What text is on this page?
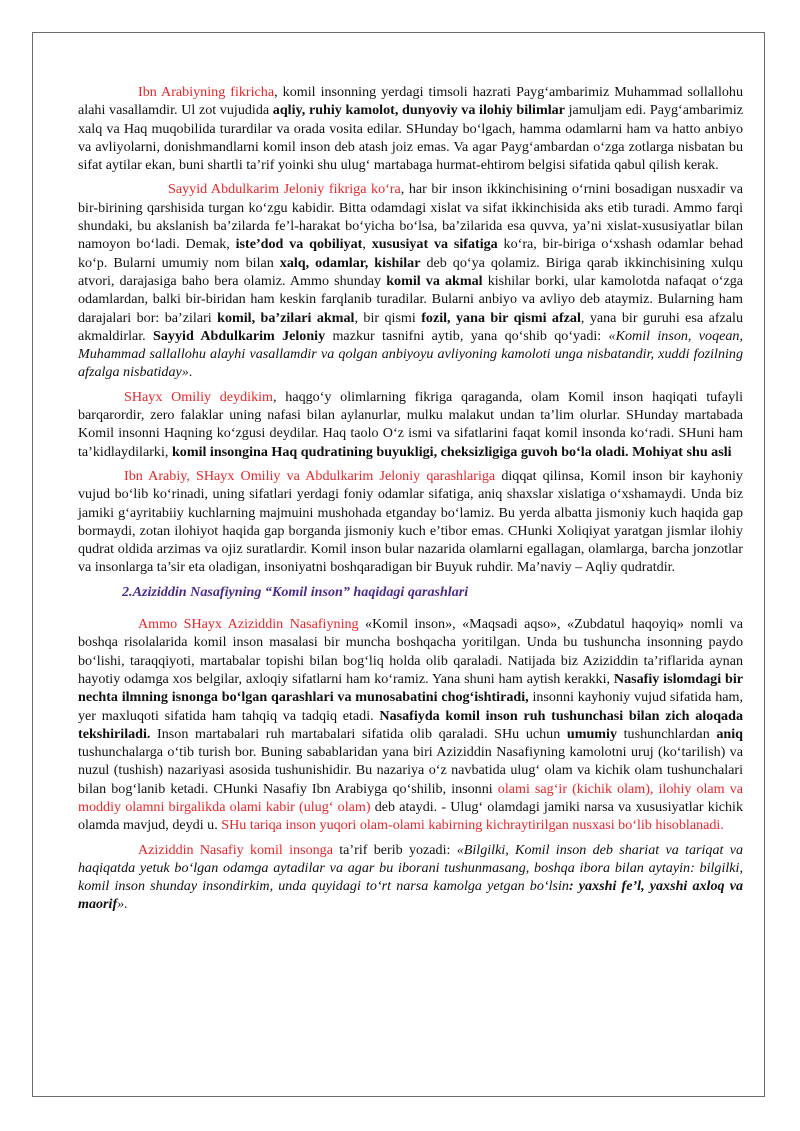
Ibn Arabiyning fikricha, komil insonning yerdagi timsoli hazrati Payg‘ambarimiz Muhammad sollallohu alahi vasallamdir. Ul zot vujudida aqliy, ruhiy kamolot, dunyoviy va ilohiy bilimlar jamuljam edi. Payg‘ambarimiz xalq va Haq muqobilida turardilar va orada vosita edilar. SHunday bo‘lgach, hamma odamlarni ham va hatto anbiyo va avliyolarni, donishmandlarni komil inson deb atash joiz emas. Va agar Payg‘ambardan o‘zga zotlarga nisbatan bu sifat aytilar ekan, buni shartli ta’rif yoinki shu ulug‘ martabaga hurmat-ehtirom belgisi sifatida qabul qilish kerak.

Sayyid Abdulkarim Jeloniy fikriga ko‘ra, har bir inson ikkinchisining o‘rnini bosadigan nusxadir va bir-birining qarshisida turgan ko‘zgu kabidir. Bitta odamdagi xislat va sifat ikkinchisida aks etib turadi. Ammo farqi shundaki, bu akslanish ba’zilarda fe’l-harakat bo‘yicha bo‘lsa, ba’zilarida esa quvva, ya’ni xislat-xususiyatlar bilan namoyon bo‘ladi. Demak, iste’dod va qobiliyat, xususiyat va sifatiga ko‘ra, bir-biriga o‘xshash odamlar behad ko‘p. Bularni umumiy nom bilan xalq, odamlar, kishilar deb qo‘ya qolamiz. Biriga qarab ikkinchisining xulqu atvori, darajasiga baho bera olamiz. Ammo shunday komil va akmal kishilar borki, ular kamolotda nafaqat o‘zga odamlardan, balki bir-biridan ham keskin farqlanib turadilar. Bularni anbiyo va avliyo deb ataymiz. Bularning ham darajalari bor: ba’zilari komil, ba’zilari akmal, bir qismi fozil, yana bir qismi afzal, yana bir guruhi esa afzalu akmaldirlar. Sayyid Abdulkarim Jeloniy mazkur tasnifni aytib, yana qo‘shib qo‘yadi: «Komil inson, voqean, Muhammad sallallohu alayhi vasallamdir va qolgan anbiyoyu avliyoning kamoloti unga nisbatandir, xuddi fozilning afzalga nisbatiday».

SHayx Omiliy deydikim, haqgo‘y olimlarning fikriga qaraganda, olam Komil inson haqiqati tufayli barqarordir, zero falaklar uning nafasi bilan aylanurlar, mulku malakut undan ta’lim olurlar. SHunday martabada Komil insonni Haqning ko‘zgusi deydilar. Haq taolo O‘z ismi va sifatlarini faqat komil insonda ko‘radi. SHuni ham ta’kidlaydilarki, komil insongina Haq qudratining buyukligi, cheksizligiga guvoh bo‘la oladi. Mohiyat shu asli

Ibn Arabiy, SHayx Omiliy va Abdulkarim Jeloniy qarashlariga diqqat qilinsa, Komil inson bir kayhoniy vujud bo‘lib ko‘rinadi, uning sifatlari yerdagi foniy odamlar sifatiga, aniq shaxslar xislatiga o‘xshamaydi. Unda biz jamiki g‘ayritabiiy kuchlarning majmuini mushohada etganday bo‘lamiz. Bu yerda albatta jismoniy kuch haqida gap bormaydi, zotan ilohiyot haqida gap borganda jismoniy kuch e’tibor emas. CHunki Xoliqiyat yaratgan jismlar ilohiy qudrat oldida arzimas va ojiz suratlardir. Komil inson bular nazarida olamlarni egallagan, olamlarga, barcha jonzotlar va insonlarga ta’sir eta oladigan, insoniyatni boshqaradigan bir Buyuk ruhdir. Ma’naviy – Aqliy qudratdir.

2.Aziziddin Nasafiyning “Komil inson” haqidagi qarashlari

Ammo SHayx Aziziddin Nasafiyning «Komil inson», «Maqsadi aqso», «Zubdatul haqoyiq» nomli va boshqa risolalarida komil inson masalasi bir muncha boshqacha yoritilgan. Unda bu tushuncha insonning paydo bo‘lishi, taraqqiyoti, martabalar topishi bilan bog‘liq holda olib qaraladi. Natijada biz Aziziddin ta’riflarida aynan hayotiy odamga xos belgilar, axloqiy sifatlarni ham ko‘ramiz. Yana shuni ham aytish kerakki, Nasafiy islomdagi bir nechta ilmning isnonga bo‘lgan qarashlari va munosabatini chog‘ishtiradi, insonni kayhoniy vujud sifatida ham, yer maxluqoti sifatida ham tahqiq va tadqiq etadi. Nasafiyda komil inson ruh tushunchasi bilan zich aloqada tekshiriladi. Inson martabalari ruh martabalari sifatida olib qaraladi. SHu uchun umumiy tushunchlardan aniq tushunchalarga o‘tib turish bor. Buning sabablaridan yana biri Aziziddin Nasafiyning kamolotni uruj (ko‘tarilish) va nuzul (tushish) nazariyasi asosida tushunishidir. Bu nazariya o‘z navbatida ulug‘ olam va kichik olam tushunchalari bilan bog‘lanib ketadi. CHunki Nasafiy Ibn Arabiyga qo‘shilib, insonni olami sag‘ir (kichik olam), ilohiy olam va moddiy olamni birgalikda olami kabir (ulug‘ olam) deb ataydi. - Ulug‘ olamdagi jamiki narsa va xususiyatlar kichik olamda mavjud, deydi u. SHu tariqa inson yuqori olam-olami kabirning kichraytirilgan nusxasi bo‘lib hisoblanadi.

Aziziddin Nasafiy komil insonga ta’rif berib yozadi: «Bilgilki, Komil inson deb shariat va tariqat va haqiqatda yetuk bo‘lgan odamga aytadilar va agar bu iborani tushunmasang, boshqa ibora bilan aytayin: bilgilki, komil inson shunday insondirkim, unda quyidagi to‘rt narsa kamolga yetgan bo‘lsin: yaxshi fe’l, yaxshi axloq va maorif».
